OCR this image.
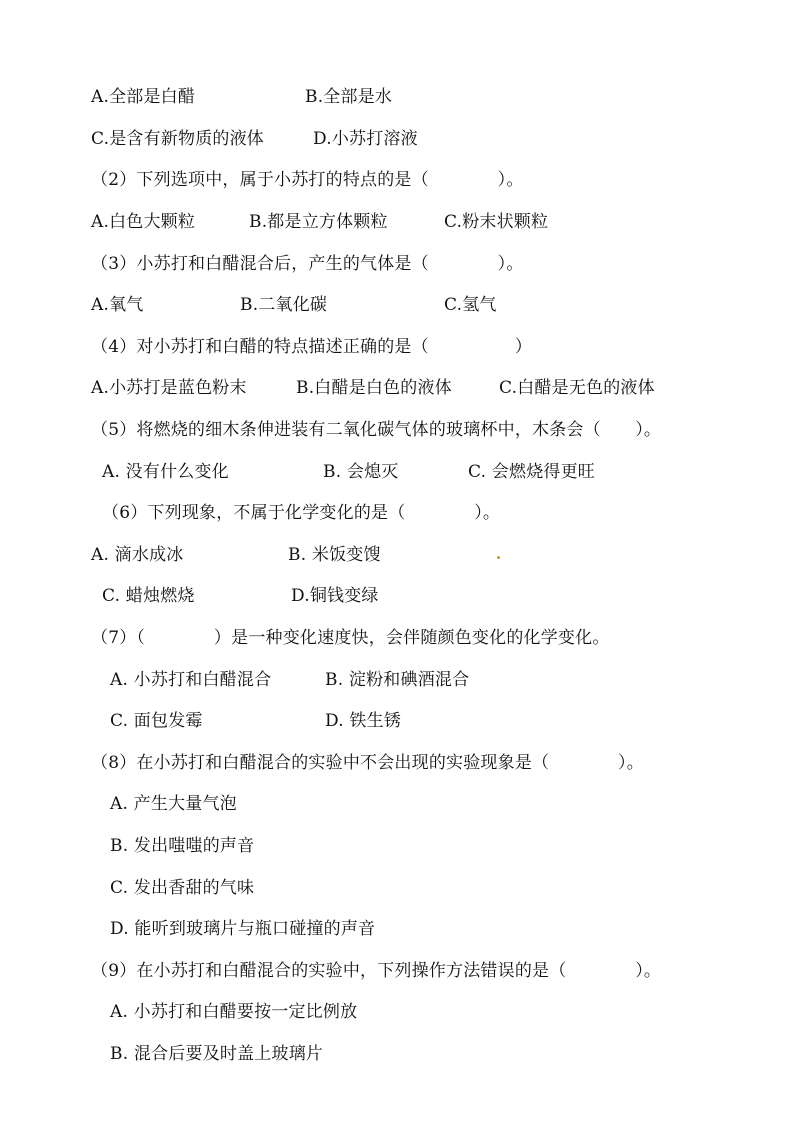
A.全部是白醋	B.全部是水
C.是含有新物质的液体	D.小苏打溶液
（2）下列选项中，属于小苏打的特点的是（　　　　）。
A.白色大颗粒	B.都是立方体颗粒	C.粉末状颗粒
（3）小苏打和白醋混合后，产生的气体是（　　　　）。
A.氧气	B.二氧化碳	C.氢气
（4）对小苏打和白醋的特点描述正确的是（　　　　　）
A.小苏打是蓝色粉末	B.白醋是白色的液体	C.白醋是无色的液体
（5）将燃烧的细木条伸进装有二氧化碳气体的玻璃杯中，木条会（　　）。
A. 没有什么变化	B. 会熄灭	C. 会燃烧得更旺
（6）下列现象，不属于化学变化的是（　　　　）。
A. 滴水成冰	B. 米饭变馊
C. 蜡烛燃烧	D.铜钱变绿
（7）（　　　　）是一种变化速度快，会伴随颜色变化的化学变化。
A. 小苏打和白醋混合	B. 淀粉和碘酒混合
C. 面包发霉	D. 铁生锈
（8）在小苏打和白醋混合的实验中不会出现的实验现象是（　　　　）。
A. 产生大量气泡
B. 发出嗤嗤的声音
C. 发出香甜的气味
D. 能听到玻璃片与瓶口碰撞的声音
（9）在小苏打和白醋混合的实验中，下列操作方法错误的是（　　　　）。
A. 小苏打和白醋要按一定比例放
B. 混合后要及时盖上玻璃片
